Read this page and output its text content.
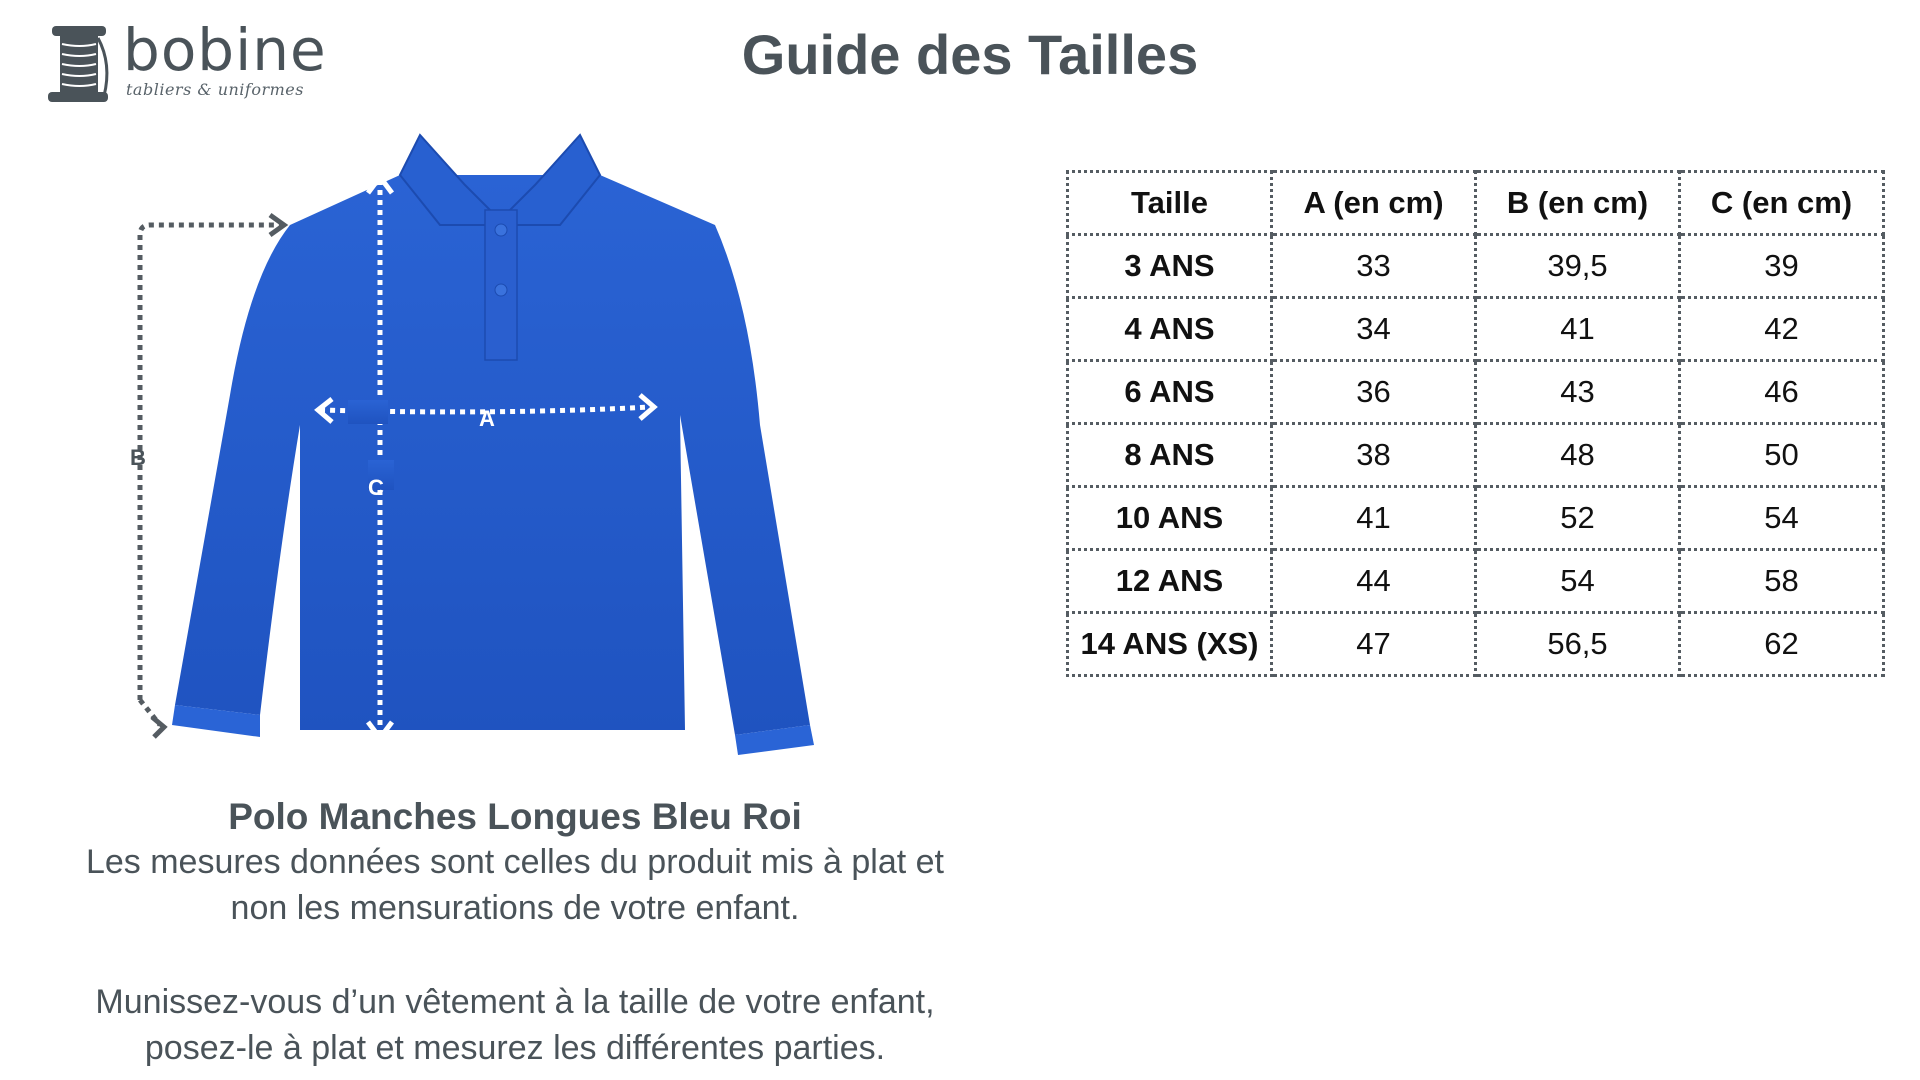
bobine
tabliers & uniformes
Guide des Tailles
B
A
C
Polo Manches Longues Bleu Roi

Les mesures données sont celles du produit mis à plat et

non les mensurations de votre enfant.

Munissez-vous d’un vêtement à la taille de votre enfant,

posez-le à plat et mesurez les différentes parties.

Taille	A (en cm)	B (en cm)	C (en cm)
3 ANS	33	39,5	39
4 ANS	34	41	42
6 ANS	36	43	46
8 ANS	38	48	50
10 ANS	41	52	54
12 ANS	44	54	58
14 ANS (XS)	47	56,5	62
